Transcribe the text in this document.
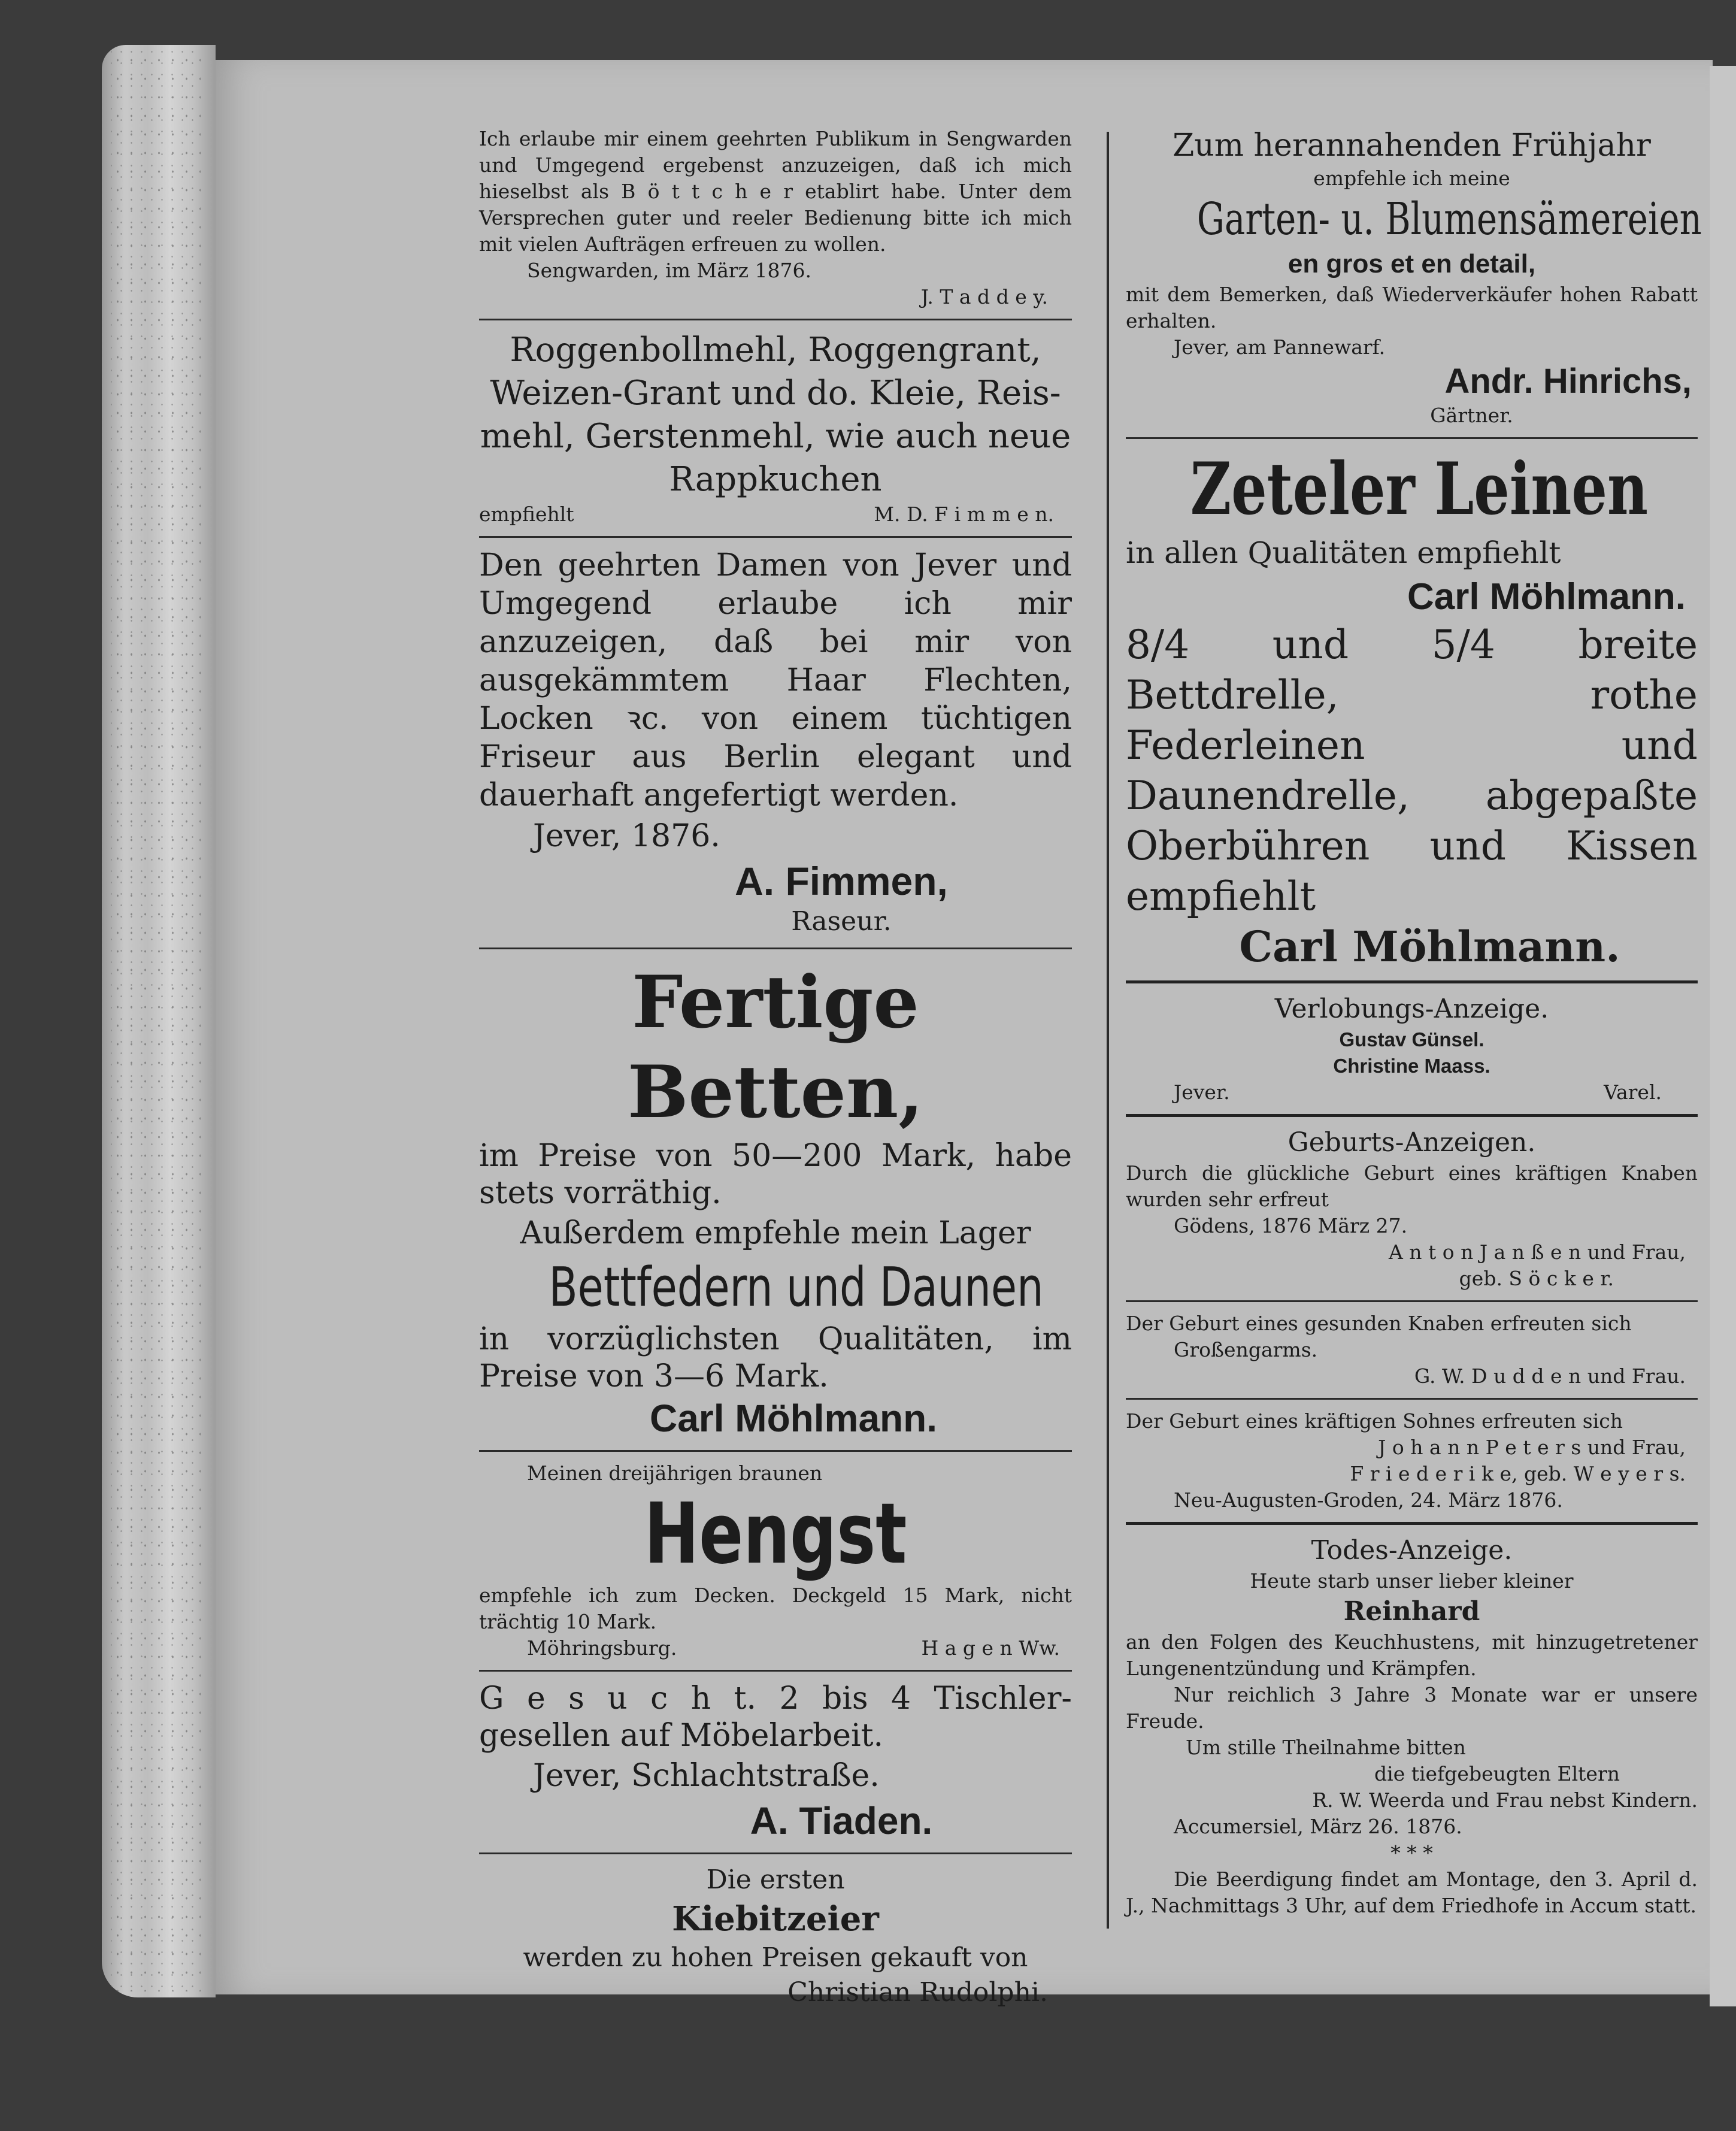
Ich erlaube mir einem geehrten Publikum in Sengwarden und Umgegend ergebenst anzuzeigen, daß ich mich hieselbst als B ö t t c h e r etablirt habe. Unter dem Versprechen guter und reeler Bedienung bitte ich mich mit vielen Aufträgen erfreuen zu wollen.

Sengwarden, im März 1876.

J. T a d d e y.

Roggenbollmehl, Roggengrant,

Weizen-Grant und do. Kleie, Reis-

mehl, Gerstenmehl, wie auch neue

Rappkuchen

empfiehlt	M. D. F i m m e n.

Den geehrten Damen von Jever und Umgegend erlaube ich mir anzuzeigen, daß bei mir von ausgekämmtem Haar Flechten, Locken ꝛc. von einem tüchtigen Friseur aus Berlin elegant und dauerhaft angefertigt werden.

Jever, 1876.

A. Fimmen,

Raseur.

Fertige Betten,

im Preise von 50—200 Mark, habe stets vorräthig.

Außerdem empfehle mein Lager

Bettfedern und Daunen

in vorzüglichsten Qualitäten, im Preise von 3—6 Mark.

Carl Möhlmann.

Meinen dreijährigen braunen

Hengst

empfehle ich zum Decken. Deckgeld 15 Mark, nicht trächtig 10 Mark.

Möhringsburg.	H a g e n Ww.

G e s u c h t. 2 bis 4 Tischler-gesellen auf Möbelarbeit.

Jever, Schlachtstraße.

A. Tiaden.

Die ersten

Kiebitzeier

werden zu hohen Preisen gekauft von

Christian Rudolphi.

Zum herannahenden Frühjahr

empfehle ich meine

Garten- u. Blumensämereien

en gros et en detail,

mit dem Bemerken, daß Wiederverkäufer hohen Rabatt erhalten.

Jever, am Pannewarf.

Andr. Hinrichs,

Gärtner.

Zeteler Leinen

in allen Qualitäten empfiehlt

Carl Möhlmann.

8/4 und 5/4 breite Bettdrelle, rothe Federleinen und Daunendrelle, abgepaßte Oberbühren und Kissen empfiehlt

Carl Möhlmann.

Verlobungs-Anzeige.

Gustav Günsel.

Christine Maass.

Jever.	Varel.

Geburts-Anzeigen.

Durch die glückliche Geburt eines kräftigen Knaben wurden sehr erfreut

Gödens, 1876 März 27.

A n t o n J a n ß e n und Frau,

geb. S ö c k e r.

Der Geburt eines gesunden Knaben erfreuten sich

Großengarms.

G. W. D u d d e n und Frau.

Der Geburt eines kräftigen Sohnes erfreuten sich

J o h a n n P e t e r s und Frau,

F r i e d e r i k e, geb. W e y e r s.

Neu-Augusten-Groden, 24. März 1876.

Todes-Anzeige.

Heute starb unser lieber kleiner

Reinhard

an den Folgen des Keuchhustens, mit hinzugetretener Lungenentzündung und Krämpfen.

Nur reichlich 3 Jahre 3 Monate war er unsere Freude.

Um stille Theilnahme bitten

die tiefgebeugten Eltern

R. W. Weerda und Frau nebst Kindern.

Accumersiel, März 26. 1876.

* * *

Die Beerdigung findet am Montage, den 3. April d. J., Nachmittags 3 Uhr, auf dem Friedhofe in Accum statt.
